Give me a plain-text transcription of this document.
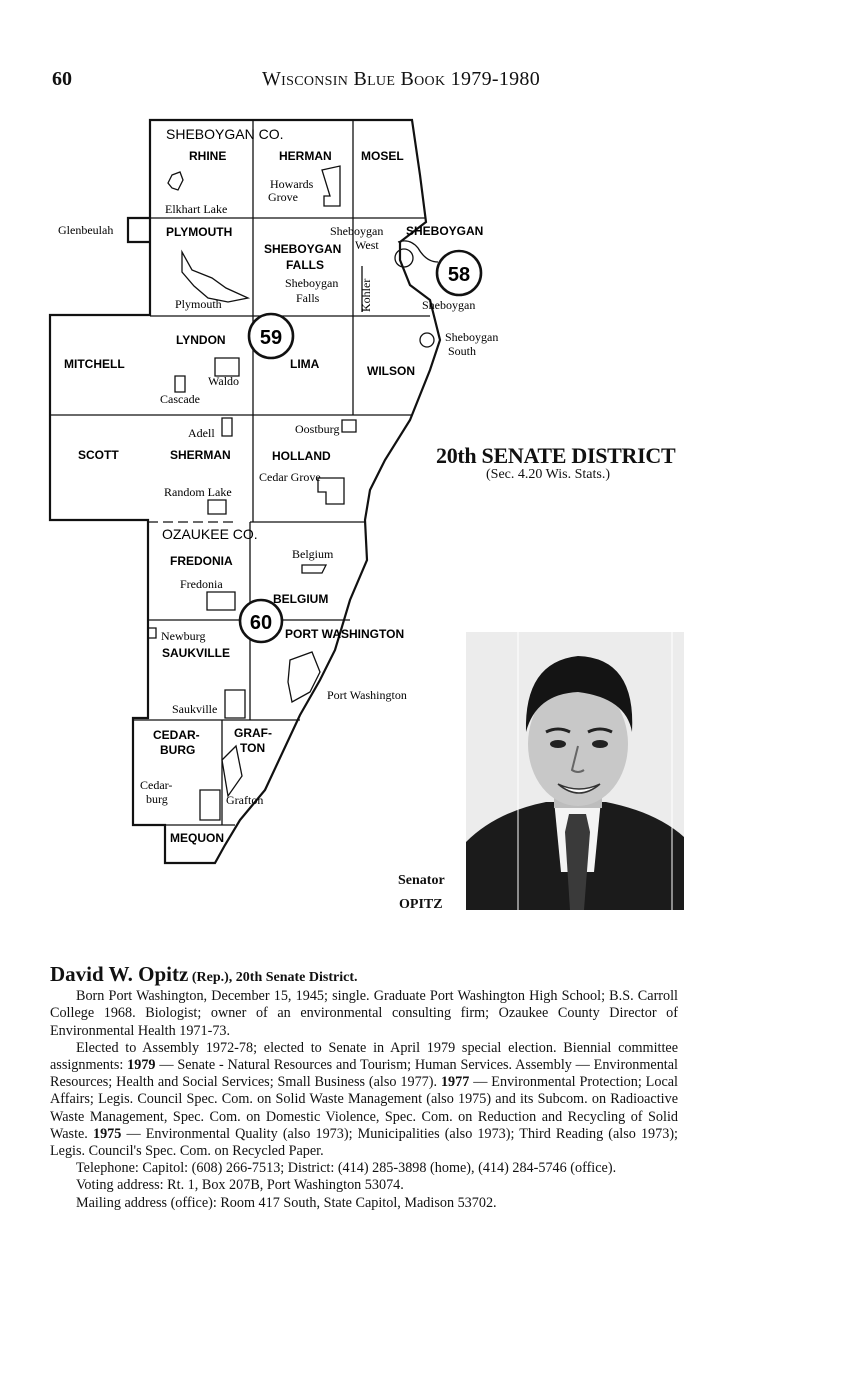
60	Wisconsin Blue Book 1979-1980
58
59
60
SHEBOYGAN CO.
OZAUKEE CO.
RHINE	HERMAN MOSEL
PLYMOUTH
SHEBOYGAN
FALLS
SHEBOYGAN
LYNDON
LIMA	WILSON
MITCHELL
SCOTT	SHERMAN	HOLLAND
FREDONIA
BELGIUM
PORT WASHINGTON
SAUKVILLE
CEDAR-
BURG
GRAF-
TON
MEQUON
Elkhart Lake
Howards
Grove
Glenbeulah
Plymouth
Sheboygan
West
Sheboygan
Falls	Kohler	Sheboygan
Sheboygan
South
Waldo
Cascade
Adell	Oostburg
Cedar Grove
Random Lake
Belgium
Fredonia
Newburg
Saukville
Port Washington
Cedar-
burg	Grafton
20th SENATE DISTRICT
(Sec. 4.20 Wis. Stats.)
Senator
OPITZ
David W. Opitz (Rep.), 20th Senate District.

Born Port Washington, December 15, 1945; single. Graduate Port Washington High School; B.S. Carroll College 1968. Biologist; owner of an environmental consulting firm; Ozaukee County Director of Environmental Health 1971-73.

Elected to Assembly 1972-78; elected to Senate in April 1979 special election. Biennial committee assignments: 1979 — Senate - Natural Resources and Tourism; Human Services. Assembly — Environmental Resources; Health and Social Services; Small Business (also 1977). 1977 — Environmental Protection; Local Affairs; Legis. Council Spec. Com. on Solid Waste Management (also 1975) and its Subcom. on Radioactive Waste Management, Spec. Com. on Domestic Violence, Spec. Com. on Reduction and Recycling of Solid Waste. 1975 — Environmental Quality (also 1973); Municipalities (also 1973); Third Reading (also 1973); Legis. Council's Spec. Com. on Recycled Paper.

Telephone: Capitol: (608) 266-7513; District: (414) 285-3898 (home), (414) 284-5746 (office).

Voting address: Rt. 1, Box 207B, Port Washington 53074.

Mailing address (office): Room 417 South, State Capitol, Madison 53702.
